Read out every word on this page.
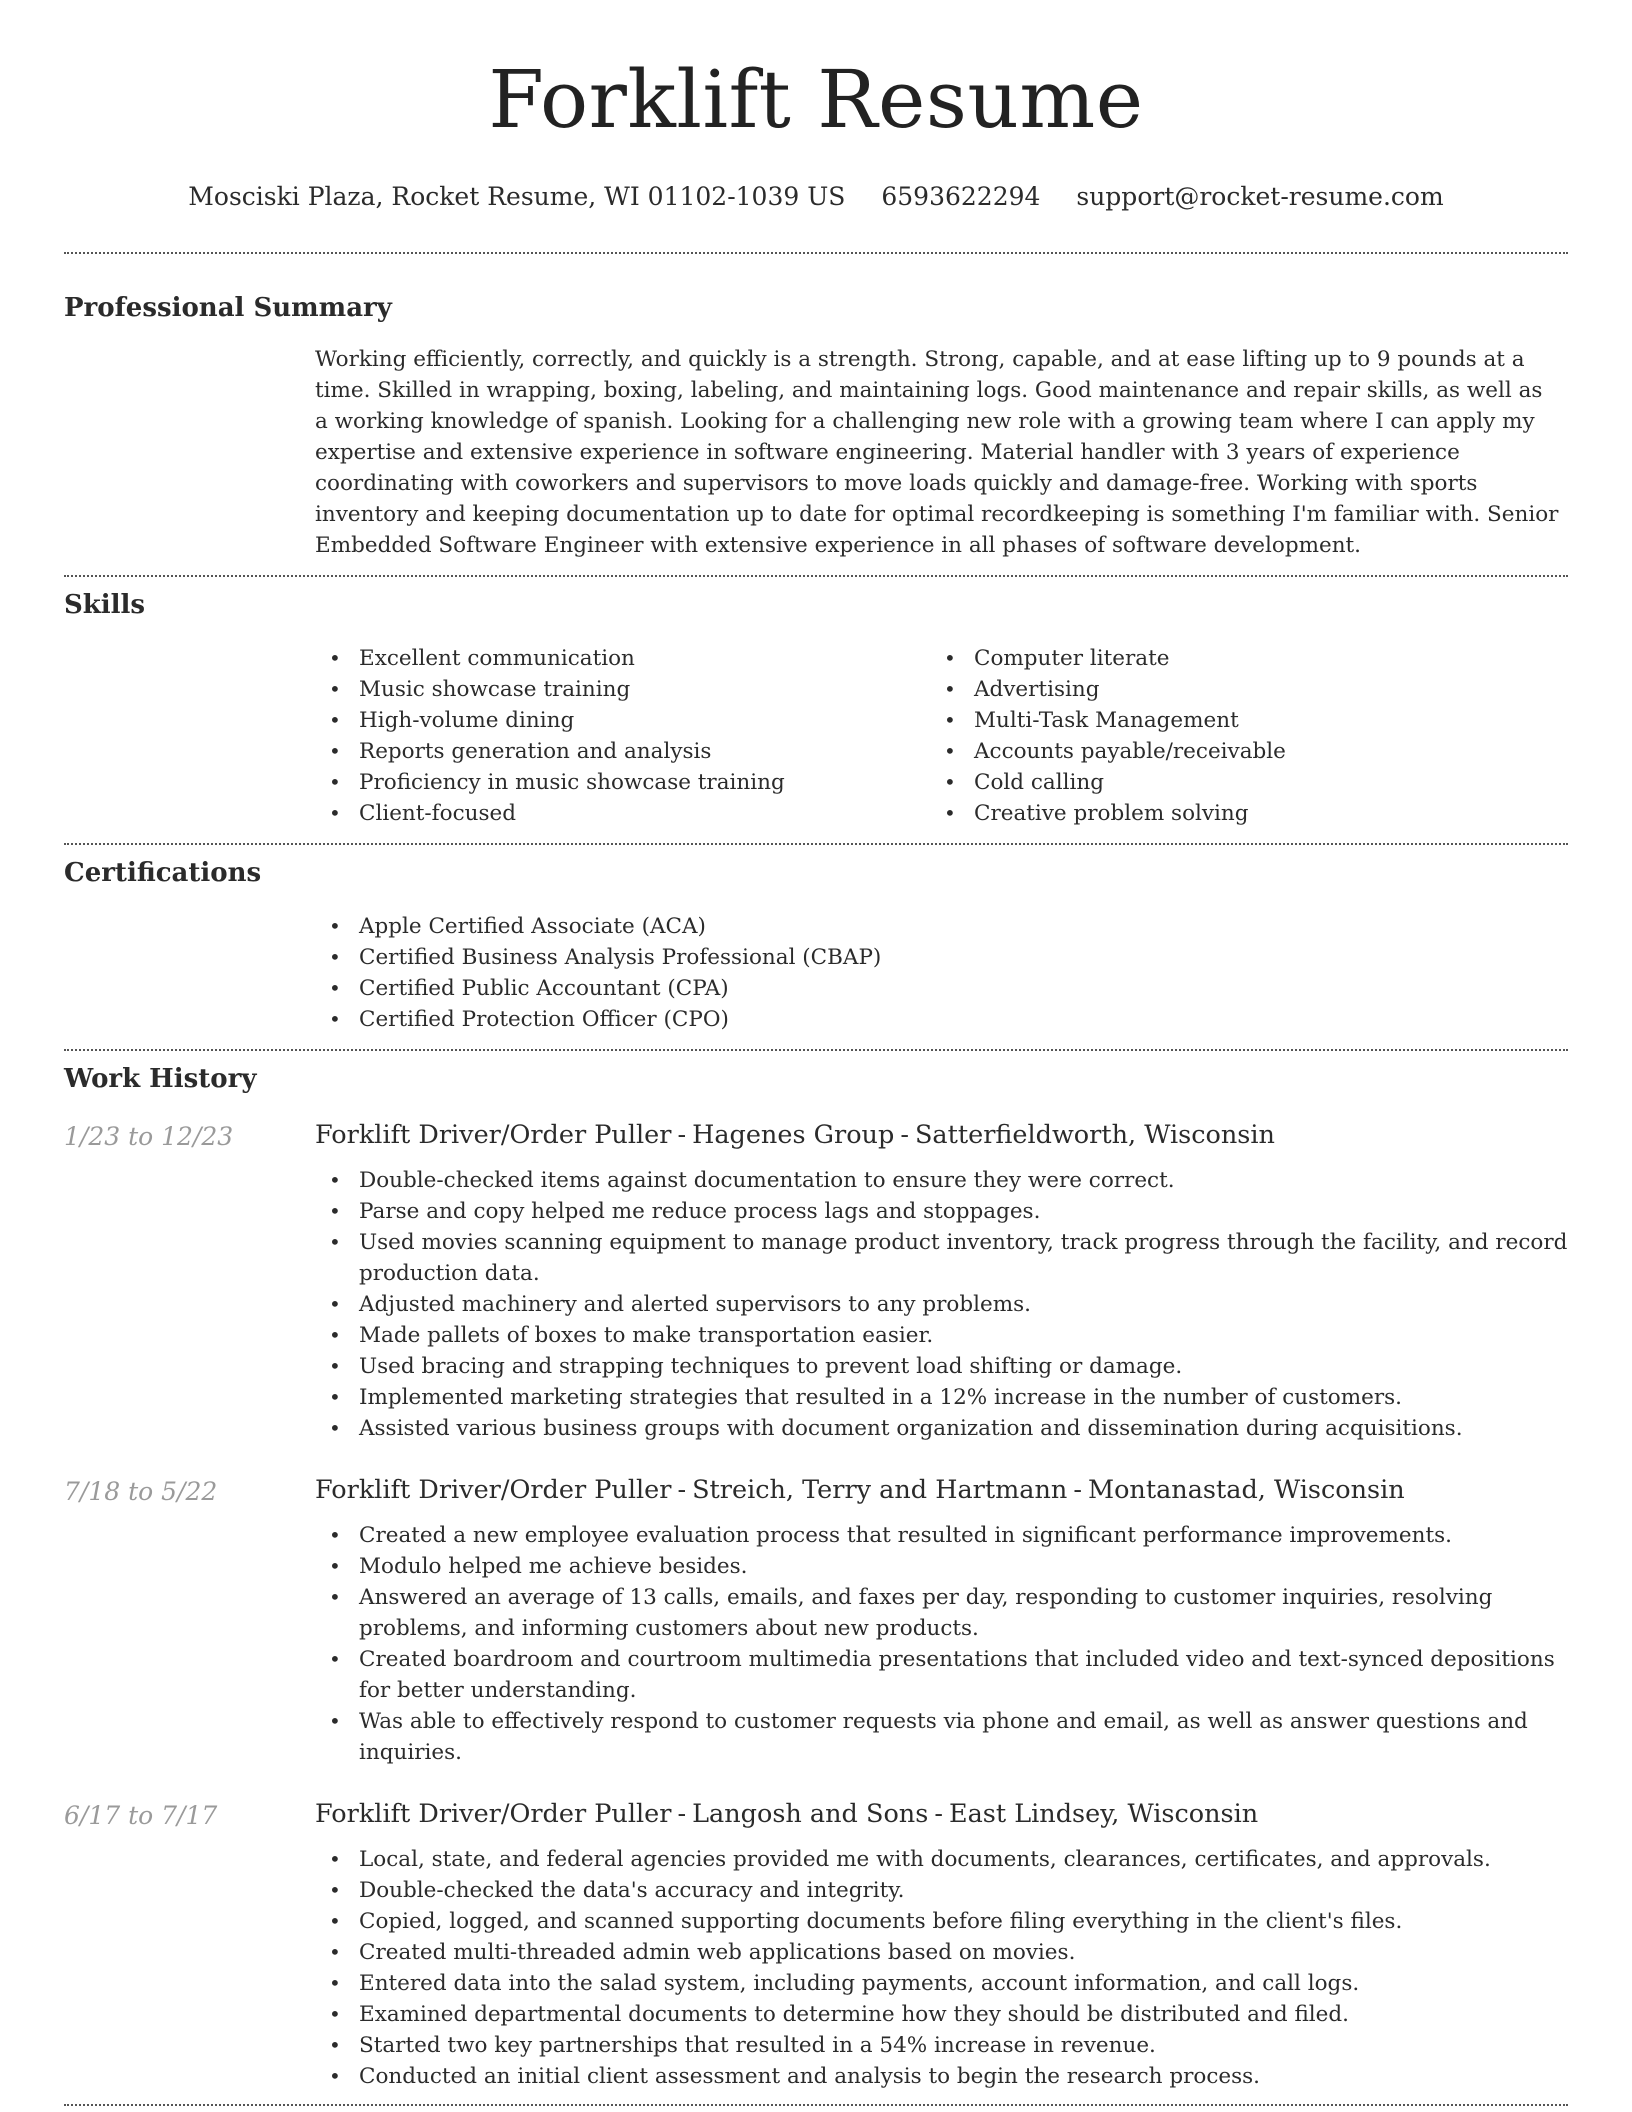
Forklift Resume
Mosciski Plaza, Rocket Resume, WI 01102-1039 US 6593622294 support@rocket-resume.com
Professional Summary

Working efficiently, correctly, and quickly is a strength. Strong, capable, and at ease lifting up to 9 pounds at a time. Skilled in wrapping, boxing, labeling, and maintaining logs. Good maintenance and repair skills, as well as a working knowledge of spanish. Looking for a challenging new role with a growing team where I can apply my expertise and extensive experience in software engineering. Material handler with 3 years of experience coordinating with coworkers and supervisors to move loads quickly and damage-free. Working with sports inventory and keeping documentation up to date for optimal recordkeeping is something I'm familiar with. Senior Embedded Software Engineer with extensive experience in all phases of software development.

Skills
• Excellent communication
• Music showcase training
• High-volume dining
• Reports generation and analysis
• Proficiency in music showcase training
• Client-focused
• Computer literate
• Advertising
• Multi-Task Management
• Accounts payable/receivable
• Cold calling
• Creative problem solving
Certifications
• Apple Certified Associate (ACA)
• Certified Business Analysis Professional (CBAP)
• Certified Public Accountant (CPA)
• Certified Protection Officer (CPO)
Work History
1/23 to 12/23	Forklift Driver/Order Puller - Hagenes Group - Satterfieldworth, Wisconsin
• Double-checked items against documentation to ensure they were correct.
• Parse and copy helped me reduce process lags and stoppages.
• Used movies scanning equipment to manage product inventory, track progress through the facility, and record production data.
• Adjusted machinery and alerted supervisors to any problems.
• Made pallets of boxes to make transportation easier.
• Used bracing and strapping techniques to prevent load shifting or damage.
• Implemented marketing strategies that resulted in a 12% increase in the number of customers.
• Assisted various business groups with document organization and dissemination during acquisitions.
7/18 to 5/22	Forklift Driver/Order Puller - Streich, Terry and Hartmann - Montanastad, Wisconsin
• Created a new employee evaluation process that resulted in significant performance improvements.
• Modulo helped me achieve besides.
• Answered an average of 13 calls, emails, and faxes per day, responding to customer inquiries, resolving problems, and informing customers about new products.
• Created boardroom and courtroom multimedia presentations that included video and text-synced depositions for better understanding.
• Was able to effectively respond to customer requests via phone and email, as well as answer questions and inquiries.
6/17 to 7/17	Forklift Driver/Order Puller - Langosh and Sons - East Lindsey, Wisconsin
• Local, state, and federal agencies provided me with documents, clearances, certificates, and approvals.
• Double-checked the data's accuracy and integrity.
• Copied, logged, and scanned supporting documents before filing everything in the client's files.
• Created multi-threaded admin web applications based on movies.
• Entered data into the salad system, including payments, account information, and call logs.
• Examined departmental documents to determine how they should be distributed and filed.
• Started two key partnerships that resulted in a 54% increase in revenue.
• Conducted an initial client assessment and analysis to begin the research process.
